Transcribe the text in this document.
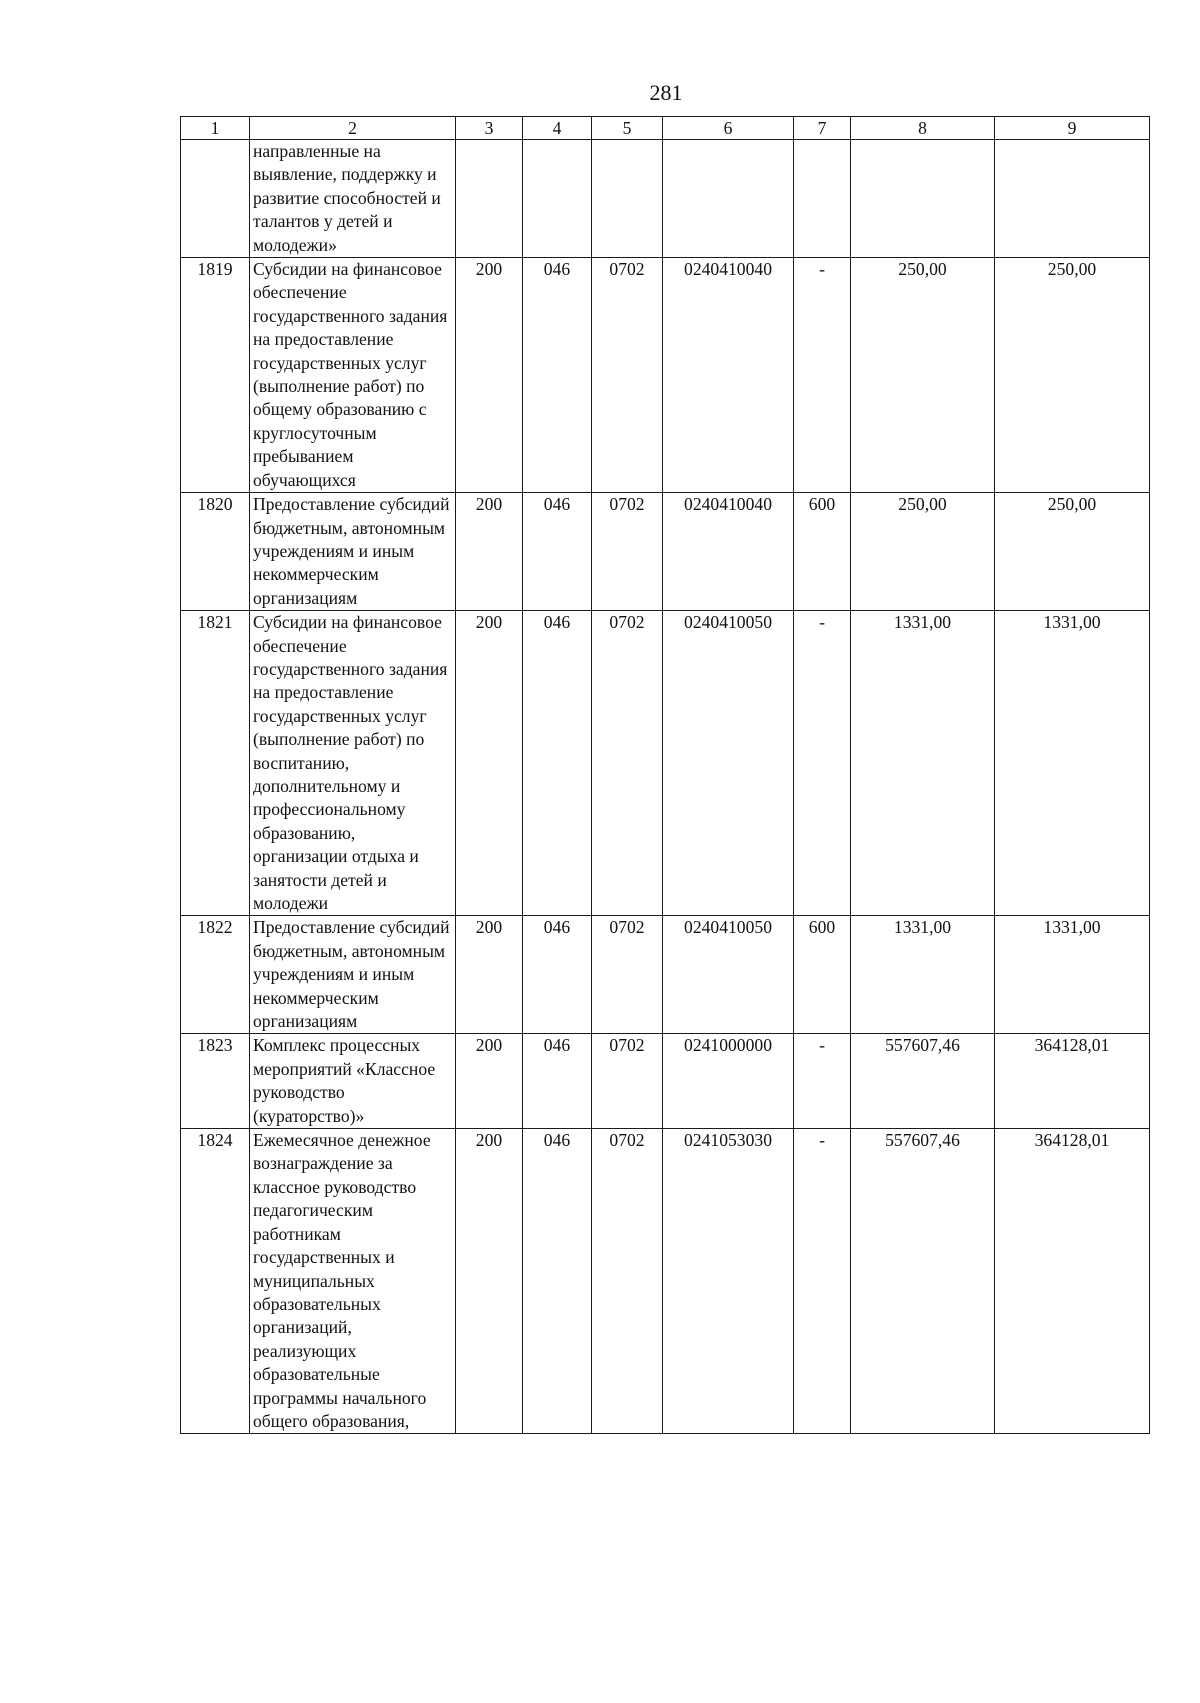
281
1	2	3	4	5	6	7	8	9
	направленные на выявление, поддержку и развитие способностей и талантов у детей и молодежи»							
1819	Субсидии на финансовое обеспечение государственного задания на предоставление государственных услуг (выполнение работ) по общему образованию с круглосуточным пребыванием обучающихся	200	046	0702	0240410040	-	250,00	250,00
1820	Предоставление субсидий бюджетным, автономным учреждениям и иным некоммерческим организациям	200	046	0702	0240410040	600	250,00	250,00
1821	Субсидии на финансовое обеспечение государственного задания на предоставление государственных услуг (выполнение работ) по воспитанию, дополнительному и профессиональному образованию, организации отдыха и занятости детей и молодежи	200	046	0702	0240410050	-	1331,00	1331,00
1822	Предоставление субсидий бюджетным, автономным учреждениям и иным некоммерческим организациям	200	046	0702	0240410050	600	1331,00	1331,00
1823	Комплекс процессных мероприятий «Классное руководство (кураторство)»	200	046	0702	0241000000	-	557607,46	364128,01
1824	Ежемесячное денежное вознаграждение за классное руководство педагогическим работникам государственных и муниципальных образовательных организаций, реализующих образовательные программы начального общего образования,	200	046	0702	0241053030	-	557607,46	364128,01
